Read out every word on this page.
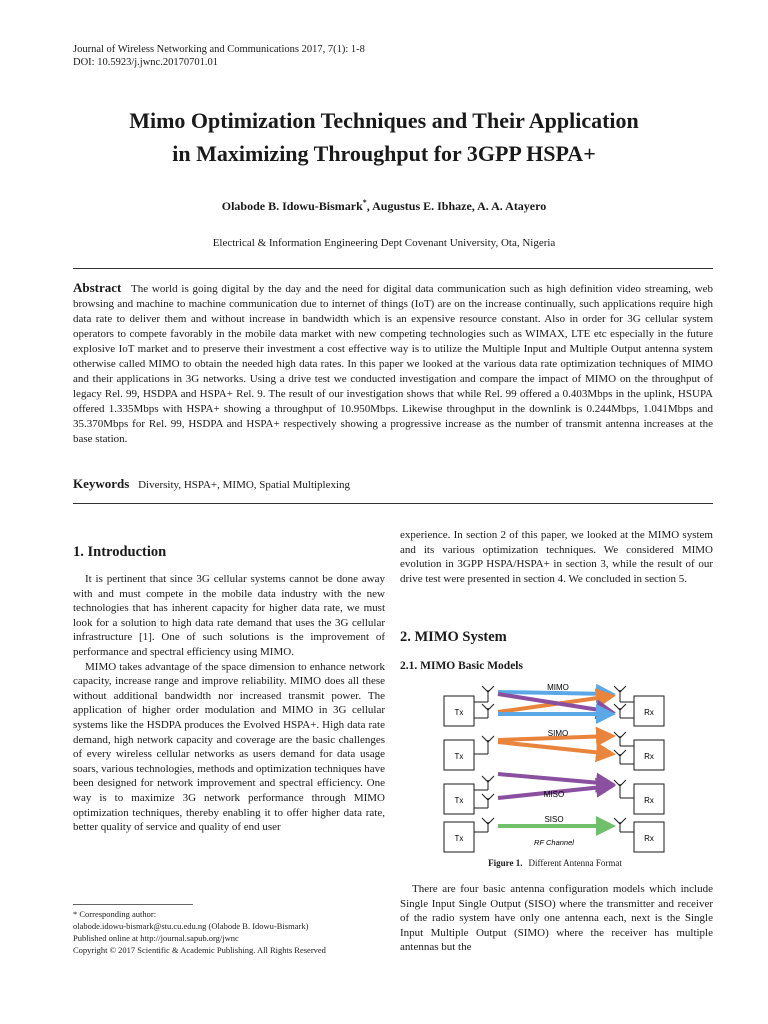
Journal of Wireless Networking and Communications 2017, 7(1): 1-8
DOI: 10.5923/j.jwnc.20170701.01
Mimo Optimization Techniques and Their Application
in Maximizing Throughput for 3GPP HSPA+
Olabode B. Idowu-Bismark*, Augustus E. Ibhaze, A. A. Atayero
Electrical & Information Engineering Dept Covenant University, Ota, Nigeria
Abstract The world is going digital by the day and the need for digital data communication such as high definition video streaming, web browsing and machine to machine communication due to internet of things (IoT) are on the increase continually, such applications require high data rate to deliver them and without increase in bandwidth which is an expensive resource constant. Also in order for 3G cellular system operators to compete favorably in the mobile data market with new competing technologies such as WIMAX, LTE etc especially in the future explosive IoT market and to preserve their investment a cost effective way is to utilize the Multiple Input and Multiple Output antenna system otherwise called MIMO to obtain the needed high data rates. In this paper we looked at the various data rate optimization techniques of MIMO and their applications in 3G networks. Using a drive test we conducted investigation and compare the impact of MIMO on the throughput of legacy Rel. 99, HSDPA and HSPA+ Rel. 9. The result of our investigation shows that while Rel. 99 offered a 0.403Mbps in the uplink, HSUPA offered 1.335Mbps with HSPA+ showing a throughput of 10.950Mbps. Likewise throughput in the downlink is 0.244Mbps, 1.041Mbps and 35.370Mbps for Rel. 99, HSDPA and HSPA+ respectively showing a progressive increase as the number of transmit antenna increases at the base station.
Keywords Diversity, HSPA+, MIMO, Spatial Multiplexing
1. Introduction

It is pertinent that since 3G cellular systems cannot be done away with and must compete in the mobile data industry with the new technologies that has inherent capacity for higher data rate, we must look for a solution to high data rate demand that uses the 3G cellular infrastructure [1]. One of such solutions is the improvement of performance and spectral efficiency using MIMO.

MIMO takes advantage of the space dimension to enhance network capacity, increase range and improve reliability. MIMO does all these without additional bandwidth nor increased transmit power. The application of higher order modulation and MIMO in 3G cellular systems like the HSDPA produces the Evolved HSPA+. High data rate demand, high network capacity and coverage are the basic challenges of every wireless cellular networks as users demand for data usage soars, various technologies, methods and optimization techniques have been designed for network improvement and spectral efficiency. One way is to maximize 3G network performance through MIMO optimization techniques, thereby enabling it to offer higher data rate, better quality of service and quality of end user

* Corresponding author:
olabode.idowu-bismark@stu.cu.edu.ng (Olabode B. Idowu-Bismark)
Published online at http://journal.sapub.org/jwnc
Copyright © 2017 Scientific & Academic Publishing. All Rights Reserved

experience. In section 2 of this paper, we looked at the MIMO system and its various optimization techniques. We considered MIMO evolution in 3GPP HSPA/HSPA+ in section 3, while the result of our drive test were presented in section 4. We concluded in section 5.

2. MIMO System
2.1. MIMO Basic Models
Tx	Rx
MIMO
Tx	Rx
SIMO
Tx	Rx
MISO
Tx	Rx
SISO
RF Channel
Figure 1. Different Antenna Format

There are four basic antenna configuration models which include Single Input Single Output (SISO) where the transmitter and receiver of the radio system have only one antenna each, next is the Single Input Multiple Output (SIMO) where the receiver has multiple antennas but the
